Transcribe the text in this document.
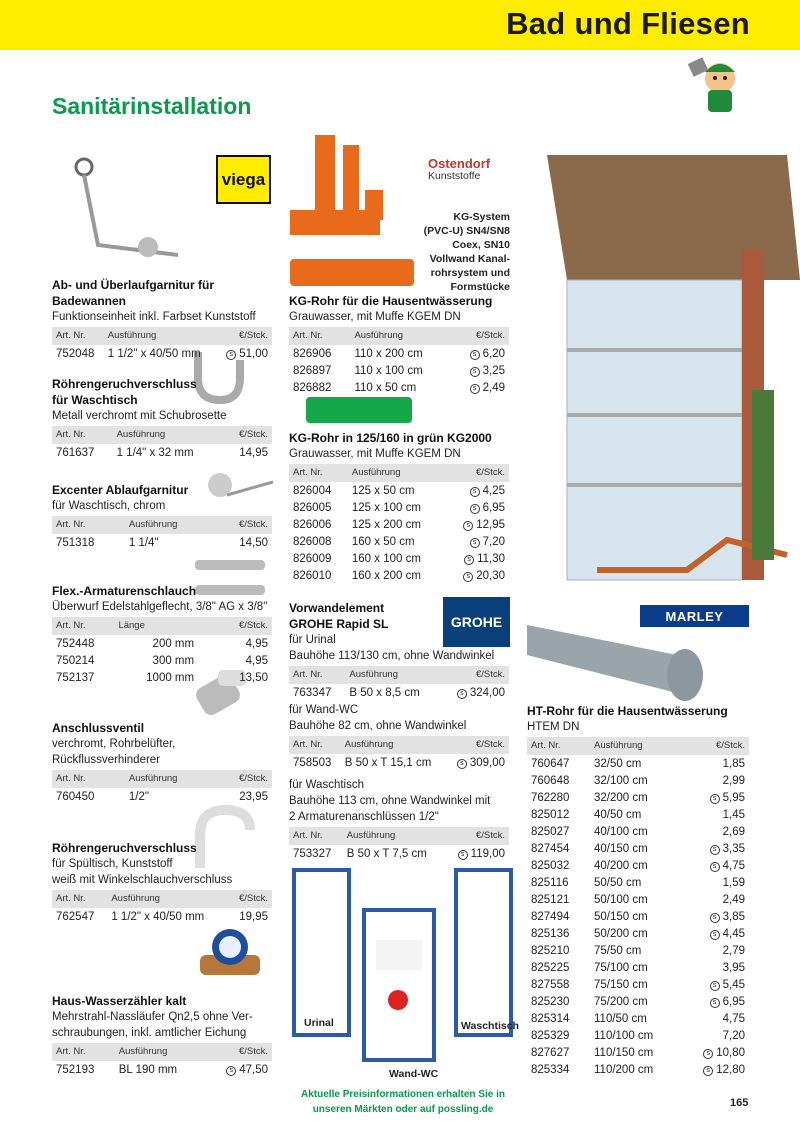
Bad und Fliesen
Sanitärinstallation
viega
Ostendorf
Kunststoffe
KG-System
(PVC-U) SN4/SN8
Coex, SN10
Vollwand Kanal-
rohrsystem und
Formstücke
GROHE	MARLEY
Urinal
Wand-WC
Waschtisch
Ab- und Überlaufgarnitur für Badewannen
Funktionseinheit inkl. Farbset Kunststoff
Art. Nr.	Ausführung	€/Stck.
752048	1 1/2" x 40/50 mm	s 51,00
Röhrengeruchverschluss
für Waschtisch
Metall verchromt mit Schubrosette
Art. Nr.	Ausführung	€/Stck.
761637	1 1/4" x 32 mm	14,95
Excenter Ablaufgarnitur
für Waschtisch, chrom
Art. Nr.	Ausführung	€/Stck.
751318	1 1/4"	14,50
Flex.-Armaturenschlauch
Überwurf Edelstahlgeflecht, 3/8" AG x 3/8"
Art. Nr.	Länge	€/Stck.
752448	200 mm	4,95
750214	300 mm	4,95
752137	1000 mm	13,50
Anschlussventil
verchromt, Rohrbelüfter, Rückflussverhinderer
Art. Nr.	Ausführung	€/Stck.
760450	1/2"	23,95
Röhrengeruchverschluss
für Spültisch, Kunststoff
weiß mit Winkelschlauchverschluss
Art. Nr.	Ausführung	€/Stck.
762547	1 1/2" x 40/50 mm	19,95
Haus-Wasserzähler kalt
Mehrstrahl-Nassläufer Qn2,5 ohne Ver-
schraubungen, inkl. amtlicher Eichung
Art. Nr.	Ausführung	€/Stck.
752193	BL 190 mm	s 47,50
KG-Rohr für die Hausentwässerung
Grauwasser, mit Muffe KGEM DN
Art. Nr.	Ausführung	€/Stck.
826906	110 x 200 cm	s 6,20
826897	110 x 100 cm	s 3,25
826882	110 x 50 cm	s 2,49
KG-Rohr in 125/160 in grün KG2000
Grauwasser, mit Muffe KGEM DN
Art. Nr.	Ausführung	€/Stck.
826004	125 x 50 cm	s 4,25
826005	125 x 100 cm	s 6,95
826006	125 x 200 cm	s 12,95
826008	160 x 50 cm	s 7,20
826009	160 x 100 cm	s 11,30
826010	160 x 200 cm	s 20,30
Vorwandelement
GROHE Rapid SL
für Urinal
Bauhöhe 113/130 cm, ohne Wandwinkel
Art. Nr.	Ausführung	€/Stck.
763347	B 50 x 8,5 cm	s 324,00
für Wand-WC
Bauhöhe 82 cm, ohne Wandwinkel
Art. Nr.	Ausführung	€/Stck.
758503	B 50 x T 15,1 cm	s 309,00
für Waschtisch
Bauhöhe 113 cm, ohne Wandwinkel mit
2 Armaturenanschlüssen 1/2"
Art. Nr.	Ausführung	€/Stck.
753327	B 50 x T 7,5 cm	s 119,00
HT-Rohr für die Hausentwässerung
HTEM DN
Art. Nr.	Ausführung	€/Stck.
760647	32/50 cm	1,85
760648	32/100 cm	2,99
762280	32/200 cm	s 5,95
825012	40/50 cm	1,45
825027	40/100 cm	2,69
827454	40/150 cm	s 3,35
825032	40/200 cm	s 4,75
825116	50/50 cm	1,59
825121	50/100 cm	2,49
827494	50/150 cm	s 3,85
825136	50/200 cm	s 4,45
825210	75/50 cm	2,79
825225	75/100 cm	3,95
827558	75/150 cm	s 5,45
825230	75/200 cm	s 6,95
825314	110/50 cm	4,75
825329	110/100 cm	7,20
827627	110/150 cm	s 10,80
825334	110/200 cm	s 12,80
Aktuelle Preisinformationen erhalten Sie in
unseren Märkten oder auf possling.de
165
